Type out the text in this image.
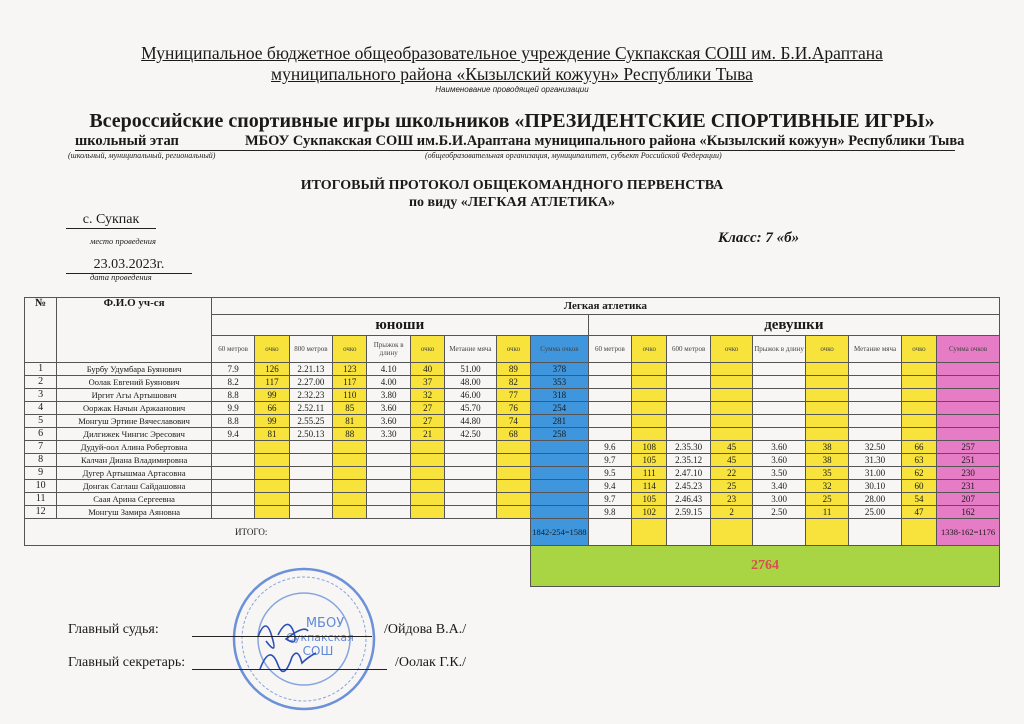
Муниципальное бюджетное общеобразовательное учреждение Сукпакская СОШ им. Б.И.Араптана
муниципального района «Кызылский кожуун» Республики Тыва
Наименование проводящей организации
Всероссийские спортивные игры школьников «ПРЕЗИДЕНТСКИЕ СПОРТИВНЫЕ ИГРЫ»
школьный этап	МБОУ Сукпакская СОШ им.Б.И.Араптана муниципального района «Кызылский кожуун» Республики Тыва
(школьный, муниципальный, региональный)	(общеобразовательная организация, муниципалитет, субъект Российской Федерации)
ИТОГОВЫЙ ПРОТОКОЛ ОБЩЕКОМАНДНОГО ПЕРВЕНСТВА
по виду «ЛЕГКАЯ АТЛЕТИКА»
с. Сукпак
место проведения
23.03.2023г.
дата проведения
Класс: 7 «б»
№	Ф.И.О уч-ся	Легкая атлетика																	
		юноши									девушки								
		60 метров	очко	800 метров	очко	Прыжок в длину	очко	Метание мяча	очко	Сумма очков	60 метров	очко	600 метров	очко	Прыжок в длину	очко	Метание мяча	очко	Сумма очков
1	Бурбу Удумбара Буянович	7.9	126	2.21.13	123	4.10	40	51.00	89	378									
2	Оолак Евгений Буянович	8.2	117	2.27.00	117	4.00	37	48.00	82	353									
3	Иргит Агы Артышович	8.8	99	2.32.23	110	3.80	32	46.00	77	318									
4	Ооржак Начын Аржаанович	9.9	66	2.52.11	85	3.60	27	45.70	76	254									
5	Монгуш Эртине Вячеславович	8.8	99	2.55.25	81	3.60	27	44.80	74	281									
6	Дилгижек Чингис Эресович	9.4	81	2.50.13	88	3.30	21	42.50	68	258									
7	Дудуй-оол Алина Робертовна										9.6	108	2.35.30	45	3.60	38	32.50	66	257
8	Калчан Диана Владимировна										9.7	105	2.35.12	45	3.60	38	31.30	63	251
9	Дугер Артышмаа Артасовна										9.5	111	2.47.10	22	3.50	35	31.00	62	230
10	Донгак Саглаш Сайдашовна										9.4	114	2.45.23	25	3.40	32	30.10	60	231
11	Саая Арина Сергеевна										9.7	105	2.46.43	23	3.00	25	28.00	54	207
12	Монгуш Замира Аяновна										9.8	102	2.59.15	2	2.50	11	25.00	47	162
ИТОГО:										1842-254=1588									1338-162=1176
										2764									
МБОУ
Сукпакская
СОШ
Главный судья:	/Ойдова В.А./
Главный секретарь:	/Оолак Г.К./
